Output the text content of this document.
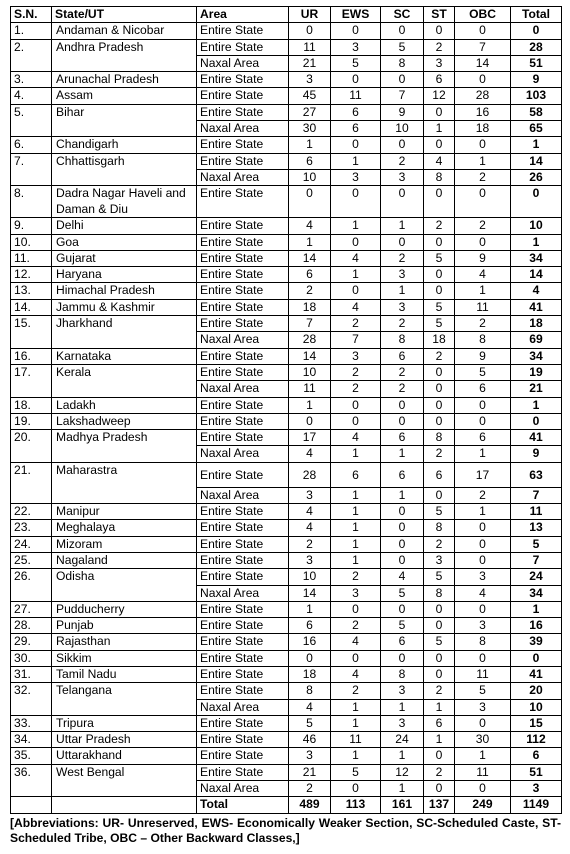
S.N.	State/UT	Area	UR	EWS	SC	ST	OBC	Total
1.	Andaman & Nicobar	Entire State	0	0	0	0	0	0
2.	Andhra Pradesh	Entire State	11	3	5	2	7	28
		Naxal Area	21	5	8	3	14	51
3.	Arunachal Pradesh	Entire State	3	0	0	6	0	9
4.	Assam	Entire State	45	11	7	12	28	103
5.	Bihar	Entire State	27	6	9	0	16	58
		Naxal Area	30	6	10	1	18	65
6.	Chandigarh	Entire State	1	0	0	0	0	1
7.	Chhattisgarh	Entire State	6	1	2	4	1	14
		Naxal Area	10	3	3	8	2	26
8.	Dadra Nagar Haveli and Daman & Diu	Entire State	0	0	0	0	0	0
9.	Delhi	Entire State	4	1	1	2	2	10
10.	Goa	Entire State	1	0	0	0	0	1
11.	Gujarat	Entire State	14	4	2	5	9	34
12.	Haryana	Entire State	6	1	3	0	4	14
13.	Himachal Pradesh	Entire State	2	0	1	0	1	4
14.	Jammu & Kashmir	Entire State	18	4	3	5	11	41
15.	Jharkhand	Entire State	7	2	2	5	2	18
		Naxal Area	28	7	8	18	8	69
16.	Karnataka	Entire State	14	3	6	2	9	34
17.	Kerala	Entire State	10	2	2	0	5	19
		Naxal Area	11	2	2	0	6	21
18.	Ladakh	Entire State	1	0	0	0	0	1
19.	Lakshadweep	Entire State	0	0	0	0	0	0
20.	Madhya Pradesh	Entire State	17	4	6	8	6	41
		Naxal Area	4	1	1	2	1	9
21.	Maharastra	Entire State	28	6	6	6	17	63
		Naxal Area	3	1	1	0	2	7
22.	Manipur	Entire State	4	1	0	5	1	11
23.	Meghalaya	Entire State	4	1	0	8	0	13
24.	Mizoram	Entire State	2	1	0	2	0	5
25.	Nagaland	Entire State	3	1	0	3	0	7
26.	Odisha	Entire State	10	2	4	5	3	24
		Naxal Area	14	3	5	8	4	34
27.	Pudducherry	Entire State	1	0	0	0	0	1
28.	Punjab	Entire State	6	2	5	0	3	16
29.	Rajasthan	Entire State	16	4	6	5	8	39
30.	Sikkim	Entire State	0	0	0	0	0	0
31.	Tamil Nadu	Entire State	18	4	8	0	11	41
32.	Telangana	Entire State	8	2	3	2	5	20
		Naxal Area	4	1	1	1	3	10
33.	Tripura	Entire State	5	1	3	6	0	15
34.	Uttar Pradesh	Entire State	46	11	24	1	30	112
35.	Uttarakhand	Entire State	3	1	1	0	1	6
36.	West Bengal	Entire State	21	5	12	2	11	51
		Naxal Area	2	0	1	0	0	3
		Total	489	113	161	137	249	1149

[Abbreviations: UR- Unreserved, EWS- Economically Weaker Section, SC-Scheduled Caste, ST- Scheduled Tribe, OBC – Other Backward Classes,]
